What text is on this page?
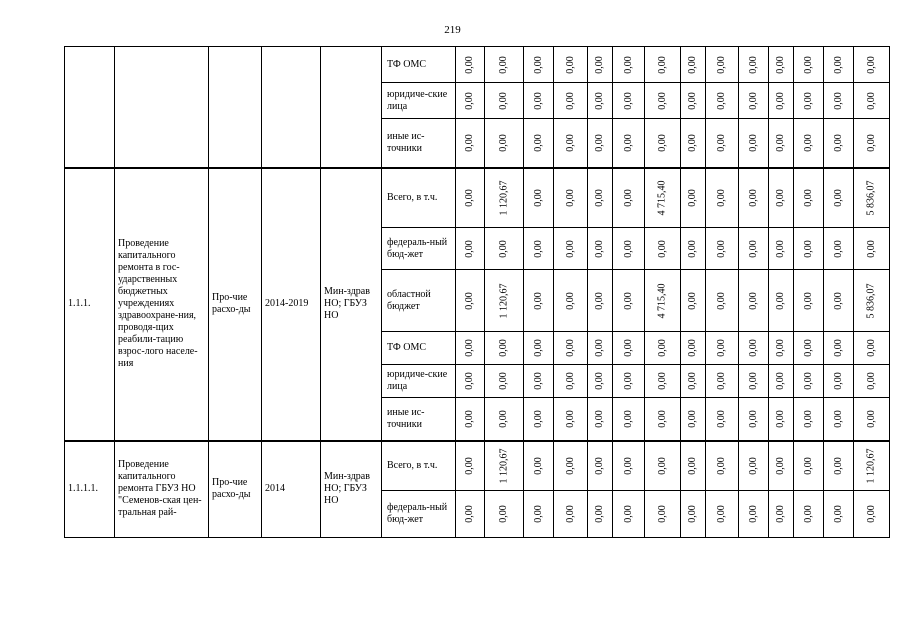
219
					ТФ ОМС	0,00	0,00	0,00	0,00	0,00	0,00	0,00	0,00	0,00	0,00	0,00	0,00	0,00	0,00
					юридиче-ские лица	0,00	0,00	0,00	0,00	0,00	0,00	0,00	0,00	0,00	0,00	0,00	0,00	0,00	0,00
					иные ис-точники	0,00	0,00	0,00	0,00	0,00	0,00	0,00	0,00	0,00	0,00	0,00	0,00	0,00	0,00
1.1.1.	Проведение капитального ремонта в гос-ударственных бюджетных учреждениях здравоохране-ния, проводя-щих реабили-тацию взрос-лого населе-ния	Про-чие расхо-ды	2014-2019	Мин-здрав НО; ГБУЗ НО	Всего, в т.ч.	0,00	1 120,67	0,00	0,00	0,00	0,00	4 715,40	0,00	0,00	0,00	0,00	0,00	0,00	5 836,07
					федераль-ный бюд-жет	0,00	0,00	0,00	0,00	0,00	0,00	0,00	0,00	0,00	0,00	0,00	0,00	0,00	0,00
					областной бюджет	0,00	1 120,67	0,00	0,00	0,00	0,00	4 715,40	0,00	0,00	0,00	0,00	0,00	0,00	5 836,07
					ТФ ОМС	0,00	0,00	0,00	0,00	0,00	0,00	0,00	0,00	0,00	0,00	0,00	0,00	0,00	0,00
					юридиче-ские лица	0,00	0,00	0,00	0,00	0,00	0,00	0,00	0,00	0,00	0,00	0,00	0,00	0,00	0,00
					иные ис-точники	0,00	0,00	0,00	0,00	0,00	0,00	0,00	0,00	0,00	0,00	0,00	0,00	0,00	0,00
1.1.1.1.	Проведение капитального ремонта ГБУЗ НО "Семенов-ская цен-тральная рай-	Про-чие расхо-ды	2014	Мин-здрав НО; ГБУЗ НО	Всего, в т.ч.	0,00	1 120,67	0,00	0,00	0,00	0,00	0,00	0,00	0,00	0,00	0,00	0,00	0,00	1 120,67
					федераль-ный бюд-жет	0,00	0,00	0,00	0,00	0,00	0,00	0,00	0,00	0,00	0,00	0,00	0,00	0,00	0,00
